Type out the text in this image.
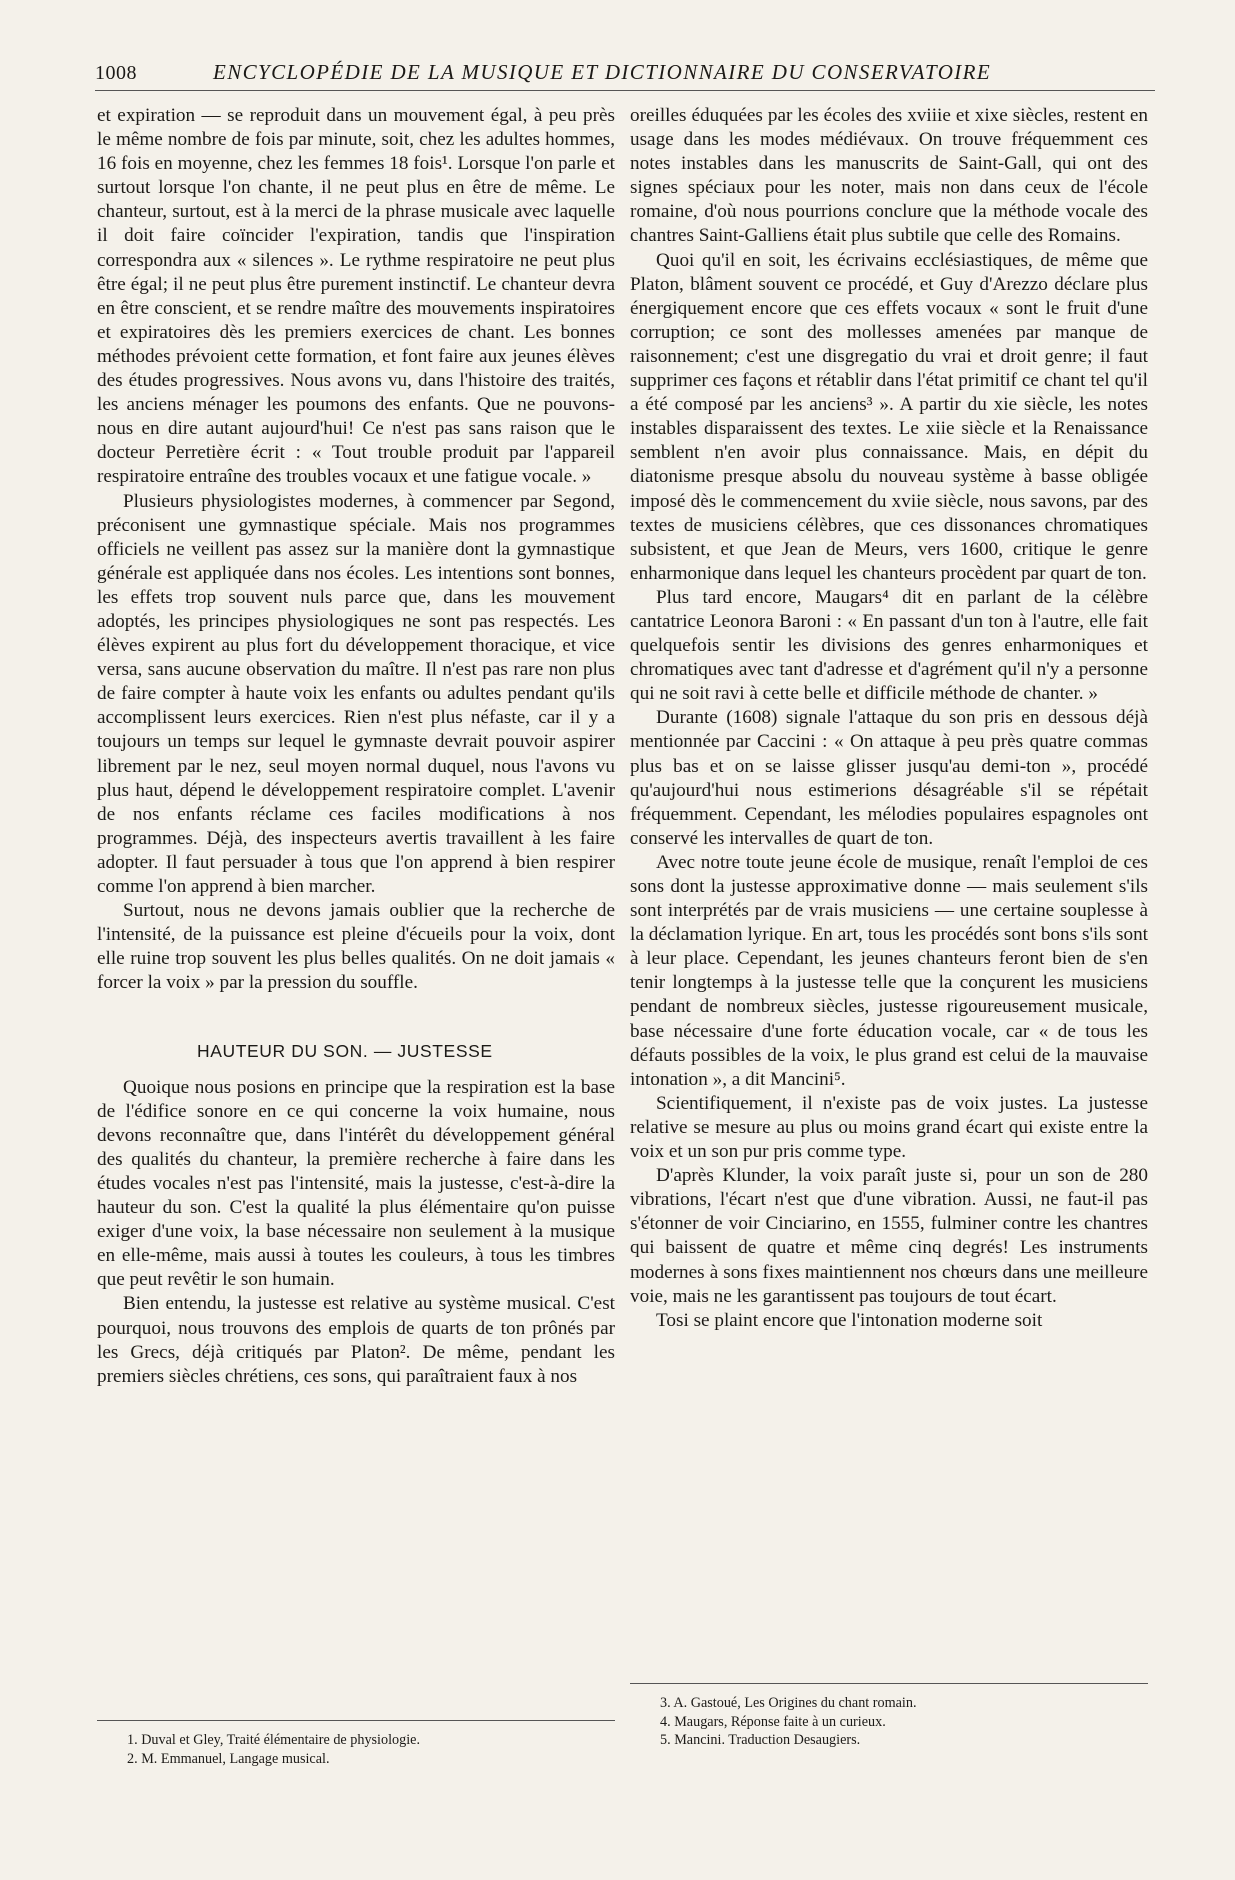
1008	ENCYCLOPÉDIE DE LA MUSIQUE ET DICTIONNAIRE DU CONSERVATOIRE

et expiration — se reproduit dans un mouvement égal, à peu près le même nombre de fois par minute, soit, chez les adultes hommes, 16 fois en moyenne, chez les femmes 18 fois¹. Lorsque l'on parle et surtout lorsque l'on chante, il ne peut plus en être de même. Le chanteur, surtout, est à la merci de la phrase musicale avec laquelle il doit faire coïncider l'expiration, tandis que l'inspiration correspondra aux « silences ». Le rythme respiratoire ne peut plus être égal; il ne peut plus être purement instinctif. Le chanteur devra en être conscient, et se rendre maître des mouvements inspiratoires et expiratoires dès les premiers exercices de chant. Les bonnes méthodes prévoient cette formation, et font faire aux jeunes élèves des études progressives. Nous avons vu, dans l'histoire des traités, les anciens ménager les poumons des enfants. Que ne pouvons-nous en dire autant aujourd'hui! Ce n'est pas sans raison que le docteur Perretière écrit : « Tout trouble produit par l'appareil respiratoire entraîne des troubles vocaux et une fatigue vocale. »

Plusieurs physiologistes modernes, à commencer par Segond, préconisent une gymnastique spéciale. Mais nos programmes officiels ne veillent pas assez sur la manière dont la gymnastique générale est appliquée dans nos écoles. Les intentions sont bonnes, les effets trop souvent nuls parce que, dans les mouvement adoptés, les principes physiologiques ne sont pas respectés. Les élèves expirent au plus fort du développement thoracique, et vice versa, sans aucune observation du maître. Il n'est pas rare non plus de faire compter à haute voix les enfants ou adultes pendant qu'ils accomplissent leurs exercices. Rien n'est plus néfaste, car il y a toujours un temps sur lequel le gymnaste devrait pouvoir aspirer librement par le nez, seul moyen normal duquel, nous l'avons vu plus haut, dépend le développement respiratoire complet. L'avenir de nos enfants réclame ces faciles modifications à nos programmes. Déjà, des inspecteurs avertis travaillent à les faire adopter. Il faut persuader à tous que l'on apprend à bien respirer comme l'on apprend à bien marcher.

Surtout, nous ne devons jamais oublier que la recherche de l'intensité, de la puissance est pleine d'écueils pour la voix, dont elle ruine trop souvent les plus belles qualités. On ne doit jamais « forcer la voix » par la pression du souffle.

HAUTEUR DU SON. — JUSTESSE

Quoique nous posions en principe que la respiration est la base de l'édifice sonore en ce qui concerne la voix humaine, nous devons reconnaître que, dans l'intérêt du développement général des qualités du chanteur, la première recherche à faire dans les études vocales n'est pas l'intensité, mais la justesse, c'est-à-dire la hauteur du son. C'est la qualité la plus élémentaire qu'on puisse exiger d'une voix, la base nécessaire non seulement à la musique en elle-même, mais aussi à toutes les couleurs, à tous les timbres que peut revêtir le son humain.

Bien entendu, la justesse est relative au système musical. C'est pourquoi, nous trouvons des emplois de quarts de ton prônés par les Grecs, déjà critiqués par Platon². De même, pendant les premiers siècles chrétiens, ces sons, qui paraîtraient faux à nos

oreilles éduquées par les écoles des xviiie et xixe siècles, restent en usage dans les modes médiévaux. On trouve fréquemment ces notes instables dans les manuscrits de Saint-Gall, qui ont des signes spéciaux pour les noter, mais non dans ceux de l'école romaine, d'où nous pourrions conclure que la méthode vocale des chantres Saint-Galliens était plus subtile que celle des Romains.

Quoi qu'il en soit, les écrivains ecclésiastiques, de même que Platon, blâment souvent ce procédé, et Guy d'Arezzo déclare plus énergiquement encore que ces effets vocaux « sont le fruit d'une corruption; ce sont des mollesses amenées par manque de raisonnement; c'est une disgregatio du vrai et droit genre; il faut supprimer ces façons et rétablir dans l'état primitif ce chant tel qu'il a été composé par les anciens³ ». A partir du xie siècle, les notes instables disparaissent des textes. Le xiie siècle et la Renaissance semblent n'en avoir plus connaissance. Mais, en dépit du diatonisme presque absolu du nouveau système à basse obligée imposé dès le commencement du xviie siècle, nous savons, par des textes de musiciens célèbres, que ces dissonances chromatiques subsistent, et que Jean de Meurs, vers 1600, critique le genre enharmonique dans lequel les chanteurs procèdent par quart de ton.

Plus tard encore, Maugars⁴ dit en parlant de la célèbre cantatrice Leonora Baroni : « En passant d'un ton à l'autre, elle fait quelquefois sentir les divisions des genres enharmoniques et chromatiques avec tant d'adresse et d'agrément qu'il n'y a personne qui ne soit ravi à cette belle et difficile méthode de chanter. »

Durante (1608) signale l'attaque du son pris en dessous déjà mentionnée par Caccini : « On attaque à peu près quatre commas plus bas et on se laisse glisser jusqu'au demi-ton », procédé qu'aujourd'hui nous estimerions désagréable s'il se répétait fréquemment. Cependant, les mélodies populaires espagnoles ont conservé les intervalles de quart de ton.

Avec notre toute jeune école de musique, renaît l'emploi de ces sons dont la justesse approximative donne — mais seulement s'ils sont interprétés par de vrais musiciens — une certaine souplesse à la déclamation lyrique. En art, tous les procédés sont bons s'ils sont à leur place. Cependant, les jeunes chanteurs feront bien de s'en tenir longtemps à la justesse telle que la conçurent les musiciens pendant de nombreux siècles, justesse rigoureusement musicale, base nécessaire d'une forte éducation vocale, car « de tous les défauts possibles de la voix, le plus grand est celui de la mauvaise intonation », a dit Mancini⁵.

Scientifiquement, il n'existe pas de voix justes. La justesse relative se mesure au plus ou moins grand écart qui existe entre la voix et un son pur pris comme type.

D'après Klunder, la voix paraît juste si, pour un son de 280 vibrations, l'écart n'est que d'une vibration. Aussi, ne faut-il pas s'étonner de voir Cinciarino, en 1555, fulminer contre les chantres qui baissent de quatre et même cinq degrés! Les instruments modernes à sons fixes maintiennent nos chœurs dans une meilleure voie, mais ne les garantissent pas toujours de tout écart.

Tosi se plaint encore que l'intonation moderne soit

1. Duval et Gley, Traité élémentaire de physiologie.
2. M. Emmanuel, Langage musical.
3. A. Gastoué, Les Origines du chant romain.
4. Maugars, Réponse faite à un curieux.
5. Mancini. Traduction Desaugiers.
